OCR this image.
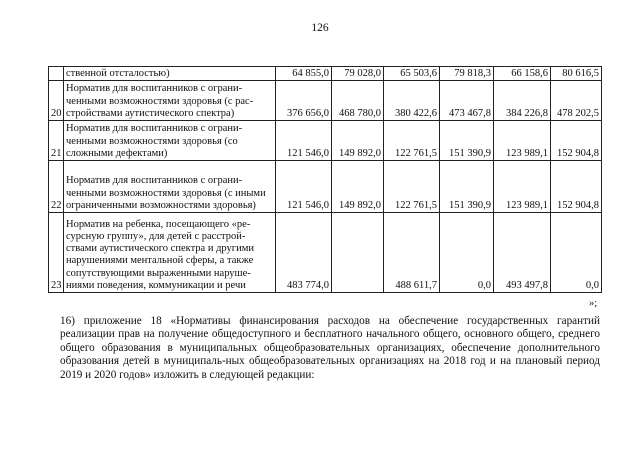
126
	ственной отсталостью)	64 855,0	79 028,0	65 503,6	79 818,3	66 158,6	80 616,5
20	Норматив для воспитанников с ограни-ченными возможностями здоровья (с рас-стройствами аутистического спектра)	376 656,0	468 780,0	380 422,6	473 467,8	384 226,8	478 202,5
21	Норматив для воспитанников с ограни-ченными возможностями здоровья (со сложными дефектами)	121 546,0	149 892,0	122 761,5	151 390,9	123 989,1	152 904,8
22	Норматив для воспитанников с ограни-ченными возможностями здоровья (с иными ограниченными возможностями здоровья)	121 546,0	149 892,0	122 761,5	151 390,9	123 989,1	152 904,8
23	Норматив на ребенка, посещающего «ре-сурсную группу», для детей с расстрой-ствами аутистического спектра и другими нарушениями ментальной сферы, а также сопутствующими выраженными наруше-ниями поведения, коммуникации и речи	483 774,0		488 611,7	0,0	493 497,8	0,0
»;

16) приложение 18 «Нормативы финансирования расходов на обеспечение государственных гарантий реализации прав на получение общедоступного и бесплатного начального общего, основного общего, среднего общего образования в муниципальных общеобразовательных организациях, обеспечение дополнительного образования детей в муниципаль-ных общеобразовательных организациях на 2018 год и на плановый период 2019 и 2020 годов» изложить в следующей редакции:
